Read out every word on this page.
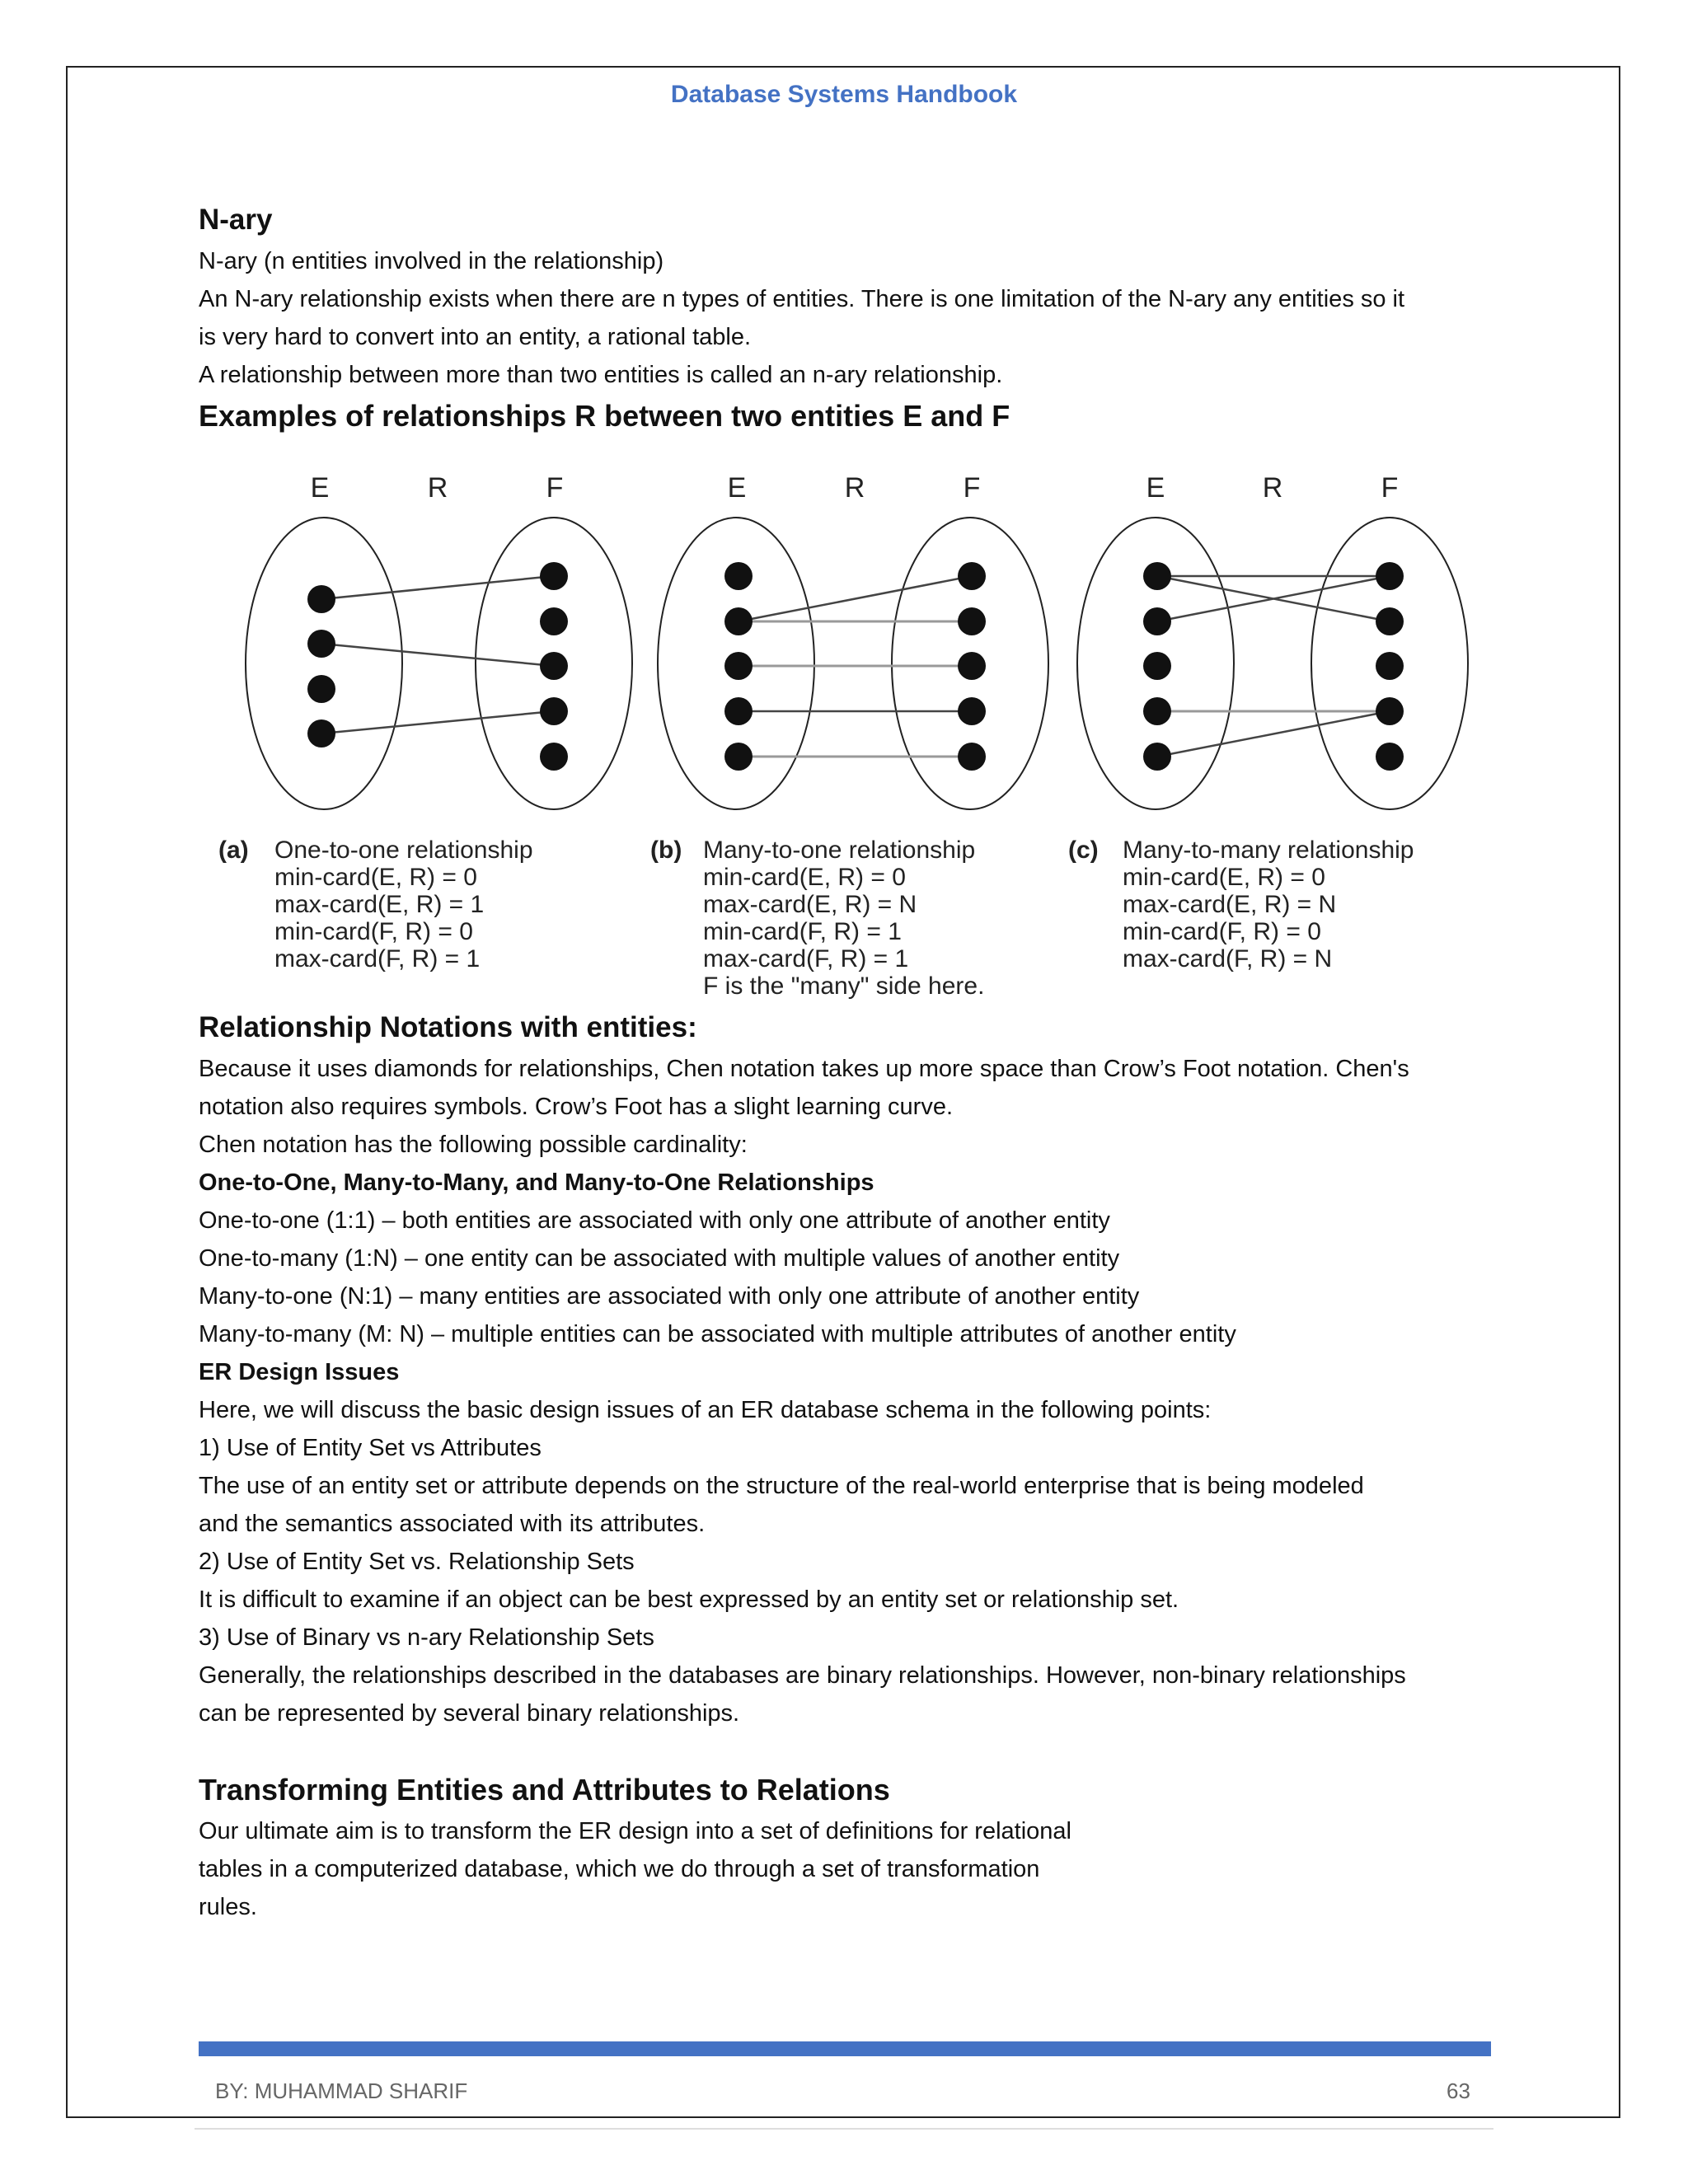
Database Systems Handbook
N-ary

N-ary (n entities involved in the relationship)

An N-ary relationship exists when there are n types of entities. There is one limitation of the N-ary any entities so it

is very hard to convert into an entity, a rational table.

A relationship between more than two entities is called an n-ary relationship.

Examples of relationships R between two entities E and F
E	R	F
(a) One-to-one relationship
min-card(E, R) = 0
max-card(E, R) = 1
min-card(F, R) = 0
max-card(F, R) = 1
E	R	F
(b) Many-to-one relationship
min-card(E, R) = 0
max-card(E, R) = N
min-card(F, R) = 1
max-card(F, R) = 1
F is the "many" side here.
E	R	F
(c) Many-to-many relationship
min-card(E, R) = 0
max-card(E, R) = N
min-card(F, R) = 0
max-card(F, R) = N
Relationship Notations with entities:

Because it uses diamonds for relationships, Chen notation takes up more space than Crow’s Foot notation. Chen's

notation also requires symbols. Crow’s Foot has a slight learning curve.

Chen notation has the following possible cardinality:

One-to-One, Many-to-Many, and Many-to-One Relationships

One-to-one (1:1) – both entities are associated with only one attribute of another entity

One-to-many (1:N) – one entity can be associated with multiple values of another entity

Many-to-one (N:1) – many entities are associated with only one attribute of another entity

Many-to-many (M: N) – multiple entities can be associated with multiple attributes of another entity

ER Design Issues

Here, we will discuss the basic design issues of an ER database schema in the following points:

1) Use of Entity Set vs Attributes

The use of an entity set or attribute depends on the structure of the real-world enterprise that is being modeled

and the semantics associated with its attributes.

2) Use of Entity Set vs. Relationship Sets

It is difficult to examine if an object can be best expressed by an entity set or relationship set.

3) Use of Binary vs n-ary Relationship Sets

Generally, the relationships described in the databases are binary relationships. However, non-binary relationships

can be represented by several binary relationships.

Transforming Entities and Attributes to Relations

Our ultimate aim is to transform the ER design into a set of definitions for relational

tables in a computerized database, which we do through a set of transformation

rules.

BY: MUHAMMAD SHARIF	63
